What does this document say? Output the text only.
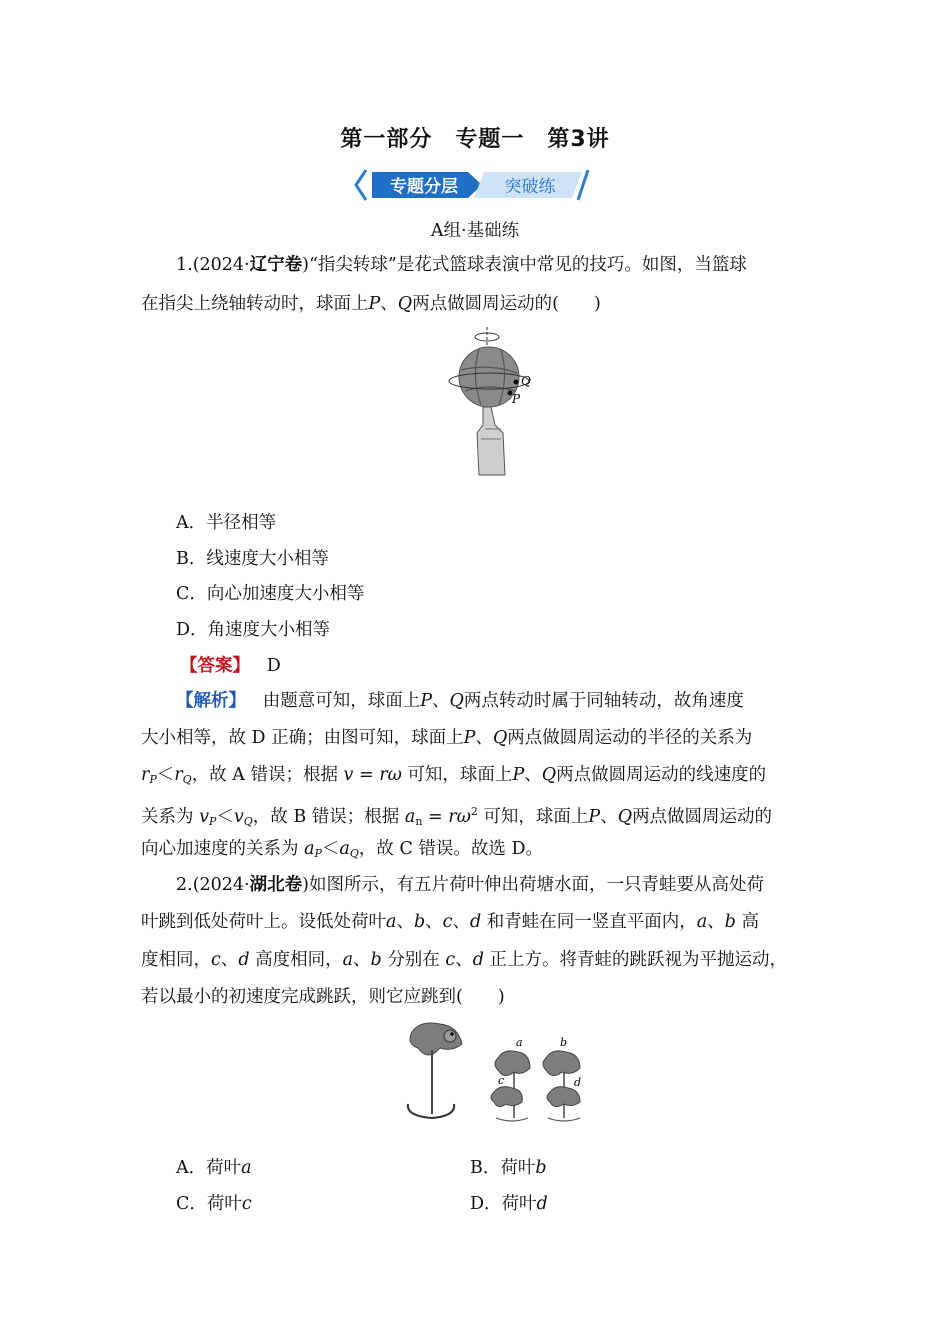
第一部分　专题一　第3讲
专题分层	突破练
A组·基础练
1.(2024·辽宁卷)“指尖转球”是花式篮球表演中常见的技巧。如图，当篮球
在指尖上绕轴转动时，球面上P、Q两点做圆周运动的(　　)
Q
P
A．半径相等
B．线速度大小相等
C．向心加速度大小相等
D．角速度大小相等
【答案】 D
【解析】 由题意可知，球面上P、Q两点转动时属于同轴转动，故角速度
大小相等，故 D 正确；由图可知，球面上P、Q两点做圆周运动的半径的关系为
$r_P<r_Q$，故 A 错误；根据 v = rω 可知，球面上P、Q两点做圆周运动的线速度的
关系为 $v_P<v_Q$，故 B 错误；根据 $a_n = r\omega^2$ 可知，球面上P、Q两点做圆周运动的
向心加速度的关系为 $a_P<a_Q$，故 C 错误。故选 D。
2.(2024·湖北卷)如图所示，有五片荷叶伸出荷塘水面，一只青蛙要从高处荷
叶跳到低处荷叶上。设低处荷叶a、b、c、d 和青蛙在同一竖直平面内，a、b 高
度相同，c、d 高度相同，a、b 分别在 c、d 正上方。将青蛙的跳跃视为平抛运动，
若以最小的初速度完成跳跃，则它应跳到(　　)
a	b
c	d
A．荷叶a	B．荷叶b
C．荷叶c	D．荷叶d
